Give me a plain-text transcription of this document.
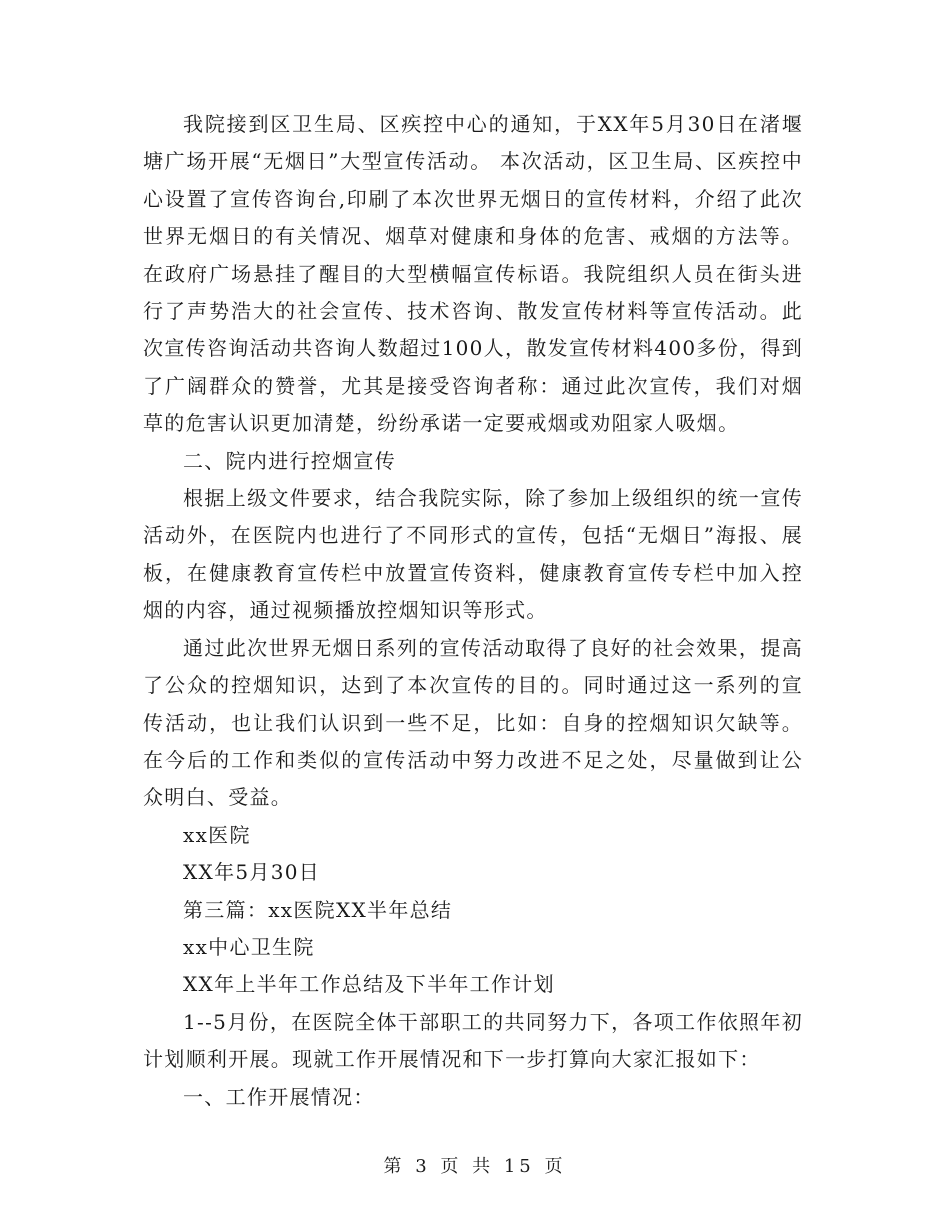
我院接到区卫生局、区疾控中心的通知，于XX年5月30日在渚堰塘广场开展“无烟日”大型宣传活动。 本次活动，区卫生局、区疾控中心设置了宣传咨询台,印刷了本次世界无烟日的宣传材料，介绍了此次世界无烟日的有关情况、烟草对健康和身体的危害、戒烟的方法等。在政府广场悬挂了醒目的大型横幅宣传标语。我院组织人员在街头进行了声势浩大的社会宣传、技术咨询、散发宣传材料等宣传活动。此次宣传咨询活动共咨询人数超过100人，散发宣传材料400多份，得到了广阔群众的赞誉，尤其是接受咨询者称：通过此次宣传，我们对烟草的危害认识更加清楚，纷纷承诺一定要戒烟或劝阻家人吸烟。

二、院内进行控烟宣传

根据上级文件要求，结合我院实际，除了参加上级组织的统一宣传活动外，在医院内也进行了不同形式的宣传，包括“无烟日”海报、展板，在健康教育宣传栏中放置宣传资料，健康教育宣传专栏中加入控烟的内容，通过视频播放控烟知识等形式。

通过此次世界无烟日系列的宣传活动取得了良好的社会效果，提高了公众的控烟知识，达到了本次宣传的目的。同时通过这一系列的宣传活动，也让我们认识到一些不足，比如：自身的控烟知识欠缺等。在今后的工作和类似的宣传活动中努力改进不足之处，尽量做到让公众明白、受益。

xx医院

XX年5月30日

第三篇：xx医院XX半年总结

xx中心卫生院

XX年上半年工作总结及下半年工作计划

1--5月份，在医院全体干部职工的共同努力下，各项工作依照年初计划顺利开展。现就工作开展情况和下一步打算向大家汇报如下：

一、工作开展情况：

第 3 页 共 15 页
